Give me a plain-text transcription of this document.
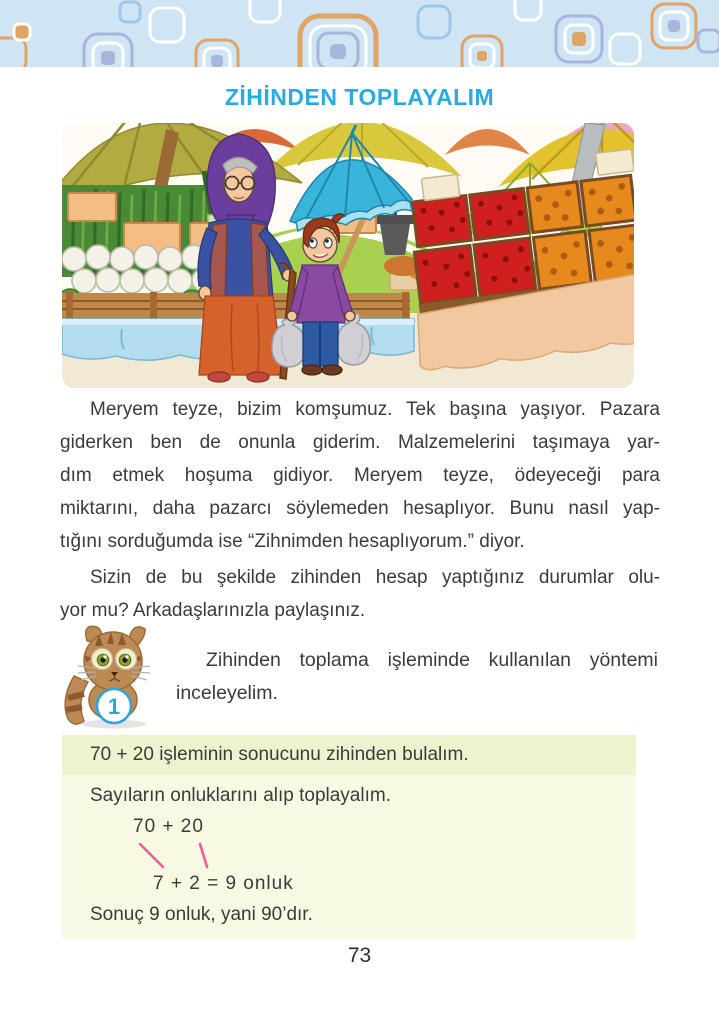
ZİHİNDEN TOPLAYALIM
Meryem teyze, bizim komşumuz. Tek başına yaşıyor. Pazara
giderken ben de onunla giderim. Malzemelerini taşımaya yar-
dım etmek hoşuma gidiyor. Meryem teyze, ödeyeceği para
miktarını, daha pazarcı söylemeden hesaplıyor. Bunu nasıl yap-
tığını sorduğumda ise “Zihnimden hesaplıyorum.” diyor.
Sizin de bu şekilde zihinden hesap yaptığınız durumlar olu-
yor mu? Arkadaşlarınızla paylaşınız.
1
Zihinden toplama işleminde kullanılan yöntemi
inceleyelim.
70 + 20 işleminin sonucunu zihinden bulalım.
Sayıların onluklarını alıp toplayalım.
70 + 20
7 + 2 = 9 onluk
Sonuç 9 onluk, yani 90’dır.
73
